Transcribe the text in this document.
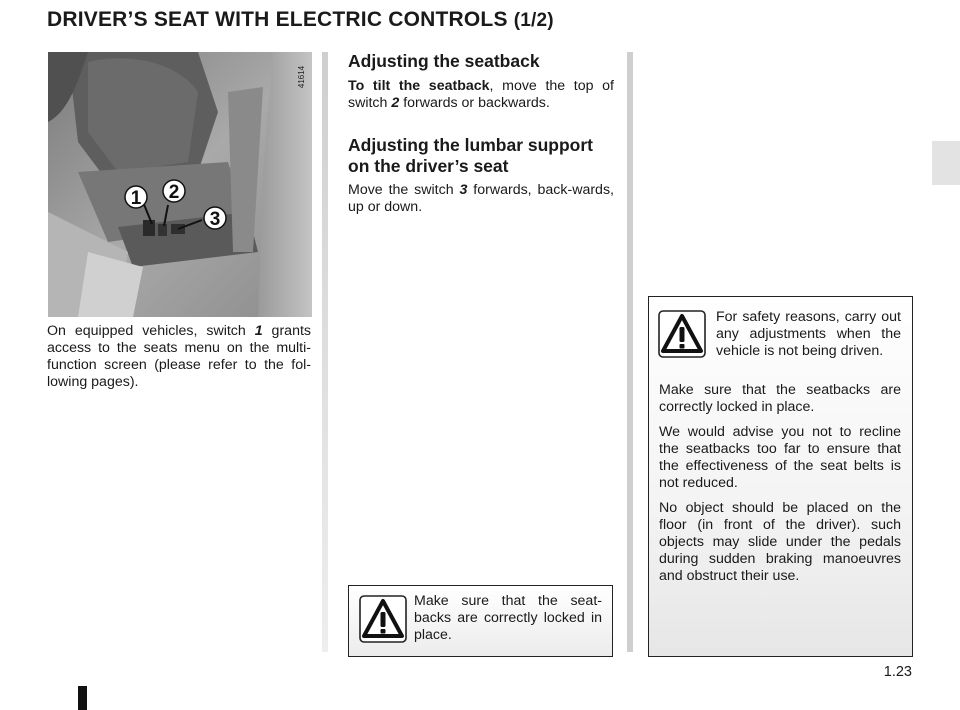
DRIVER’S SEAT WITH ELECTRIC CONTROLS (1/2)
1 2
3
41614

On equipped vehicles, switch 1 grants access to the seats menu on the multi-function screen (please refer to the fol-lowing pages).

Adjusting the seatback

To tilt the seatback, move the top of switch 2 forwards or backwards.

Adjusting the lumbar support on the driver’s seat

Move the switch 3 forwards, back-wards, up or down.

Make sure that the seat-backs are correctly locked in place.

For safety reasons, carry out any adjustments when the vehicle is not being driven.

Make sure that the seatbacks are correctly locked in place.

We would advise you not to recline the seatbacks too far to ensure that the effectiveness of the seat belts is not reduced.

No object should be placed on the floor (in front of the driver). such objects may slide under the pedals during sudden braking manoeuvres and obstruct their use.

1.23
